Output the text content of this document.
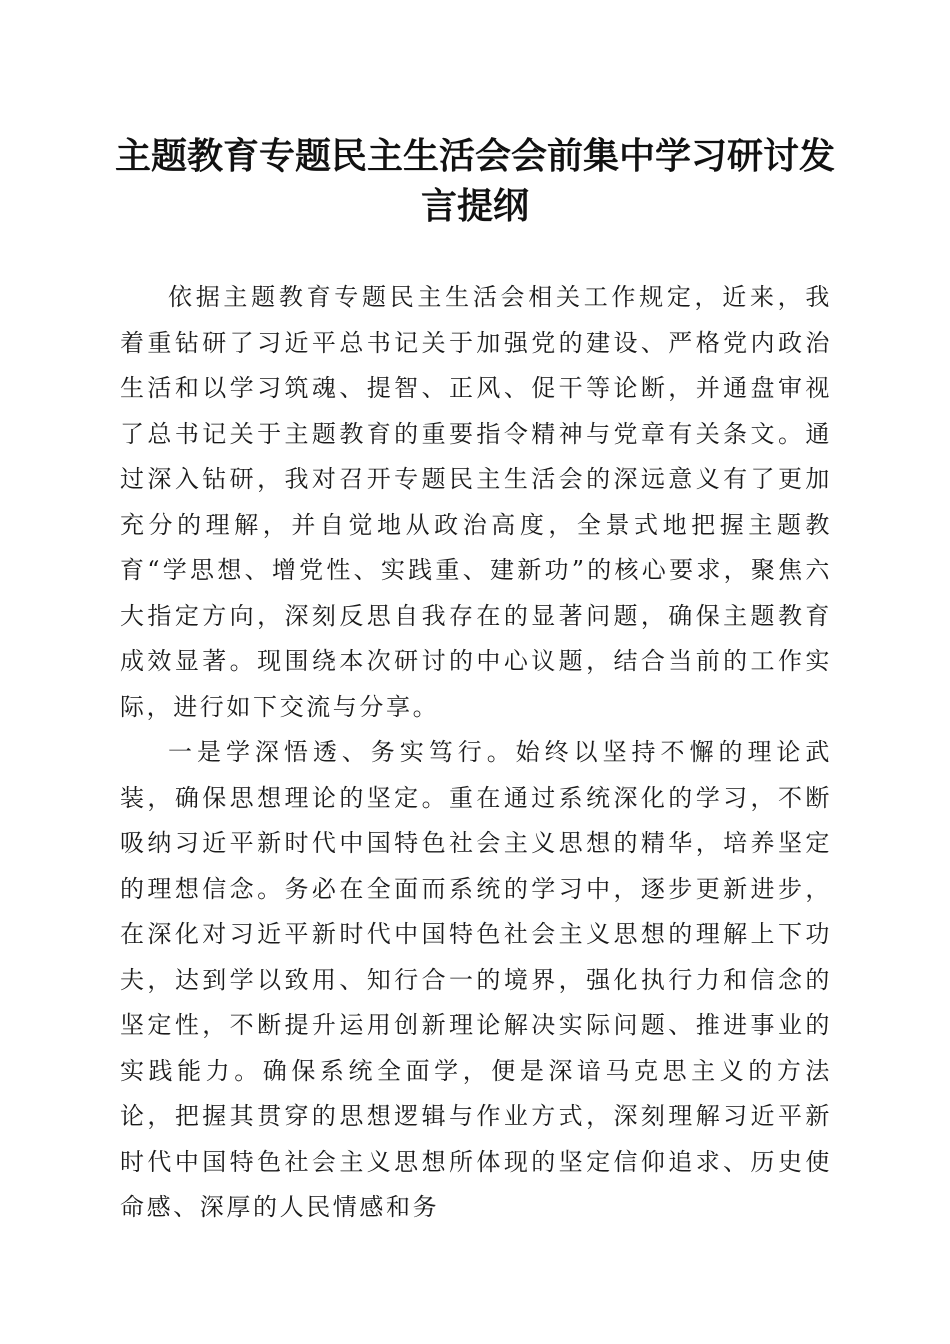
主题教育专题民主生活会会前集中学习研讨发言提纲

依据主题教育专题民主生活会相关工作规定，近来，我着重钻研了习近平总书记关于加强党的建设、严格党内政治生活和以学习筑魂、提智、正风、促干等论断，并通盘审视了总书记关于主题教育的重要指令精神与党章有关条文。通过深入钻研，我对召开专题民主生活会的深远意义有了更加充分的理解，并自觉地从政治高度，全景式地把握主题教育“学思想、增党性、实践重、建新功”的核心要求，聚焦六大指定方向，深刻反思自我存在的显著问题，确保主题教育成效显著。现围绕本次研讨的中心议题，结合当前的工作实际，进行如下交流与分享。

一是学深悟透、务实笃行。始终以坚持不懈的理论武装，确保思想理论的坚定。重在通过系统深化的学习，不断吸纳习近平新时代中国特色社会主义思想的精华，培养坚定的理想信念。务必在全面而系统的学习中，逐步更新进步，在深化对习近平新时代中国特色社会主义思想的理解上下功夫，达到学以致用、知行合一的境界，强化执行力和信念的坚定性，不断提升运用创新理论解决实际问题、推进事业的实践能力。确保系统全面学，便是深谙马克思主义的方法论，把握其贯穿的思想逻辑与作业方式，深刻理解习近平新时代中国特色社会主义思想所体现的坚定信仰追求、历史使命感、深厚的人民情感和务
